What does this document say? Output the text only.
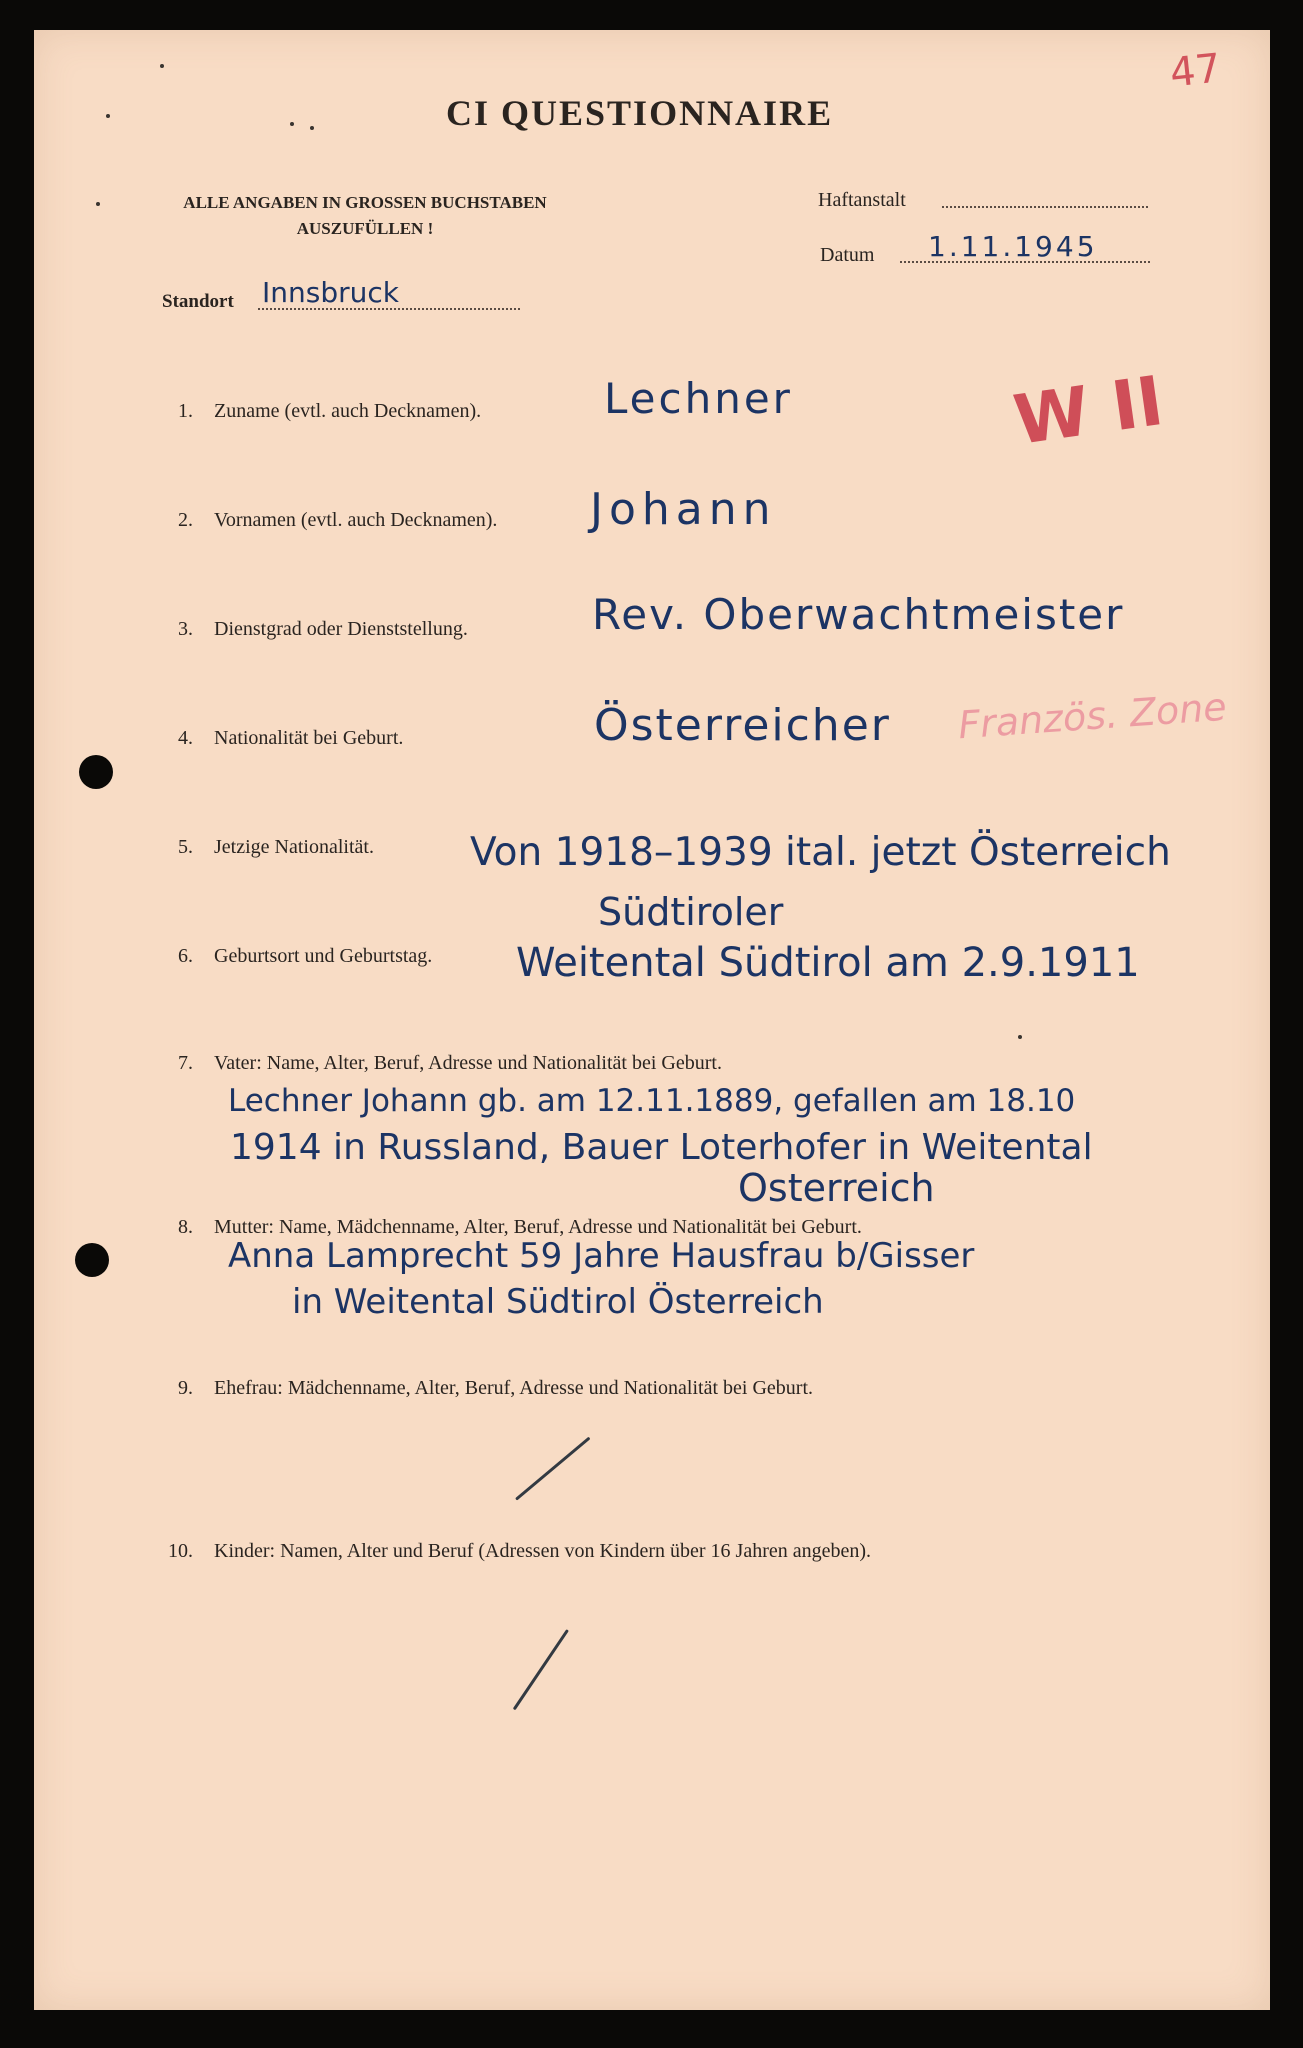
CI QUESTIONNAIRE
47
ALLE ANGABEN IN GROSSEN BUCHSTABEN
AUSZUFÜLLEN !
Haftanstalt
Datum 1.11.1945
Standort Innsbruck
W II
1. Zuname (evtl. auch Decknamen).	Lechner
2. Vornamen (evtl. auch Decknamen). Johann
3. Dienstgrad oder Dienststellung.	Rev. Oberwachtmeister
4. Nationalität bei Geburt.	Österreicher Französ. Zone
5. Jetzige Nationalität. Von 1918–1939 ital. jetzt Österreich
Südtiroler
6. Geburtsort und Geburtstag. Weitental Südtirol am 2.9.1911
7. Vater: Name, Alter, Beruf, Adresse und Nationalität bei Geburt.
Lechner Johann gb. am 12.11.1889, gefallen am 18.10
1914 in Russland, Bauer Loterhofer in Weitental
Osterreich
8. Mutter: Name, Mädchenname, Alter, Beruf, Adresse und Nationalität bei Geburt.
Anna Lamprecht 59 Jahre Hausfrau b/Gisser
in Weitental Südtirol Österreich
9. Ehefrau: Mädchenname, Alter, Beruf, Adresse und Nationalität bei Geburt.
10. Kinder: Namen, Alter und Beruf (Adressen von Kindern über 16 Jahren angeben).
